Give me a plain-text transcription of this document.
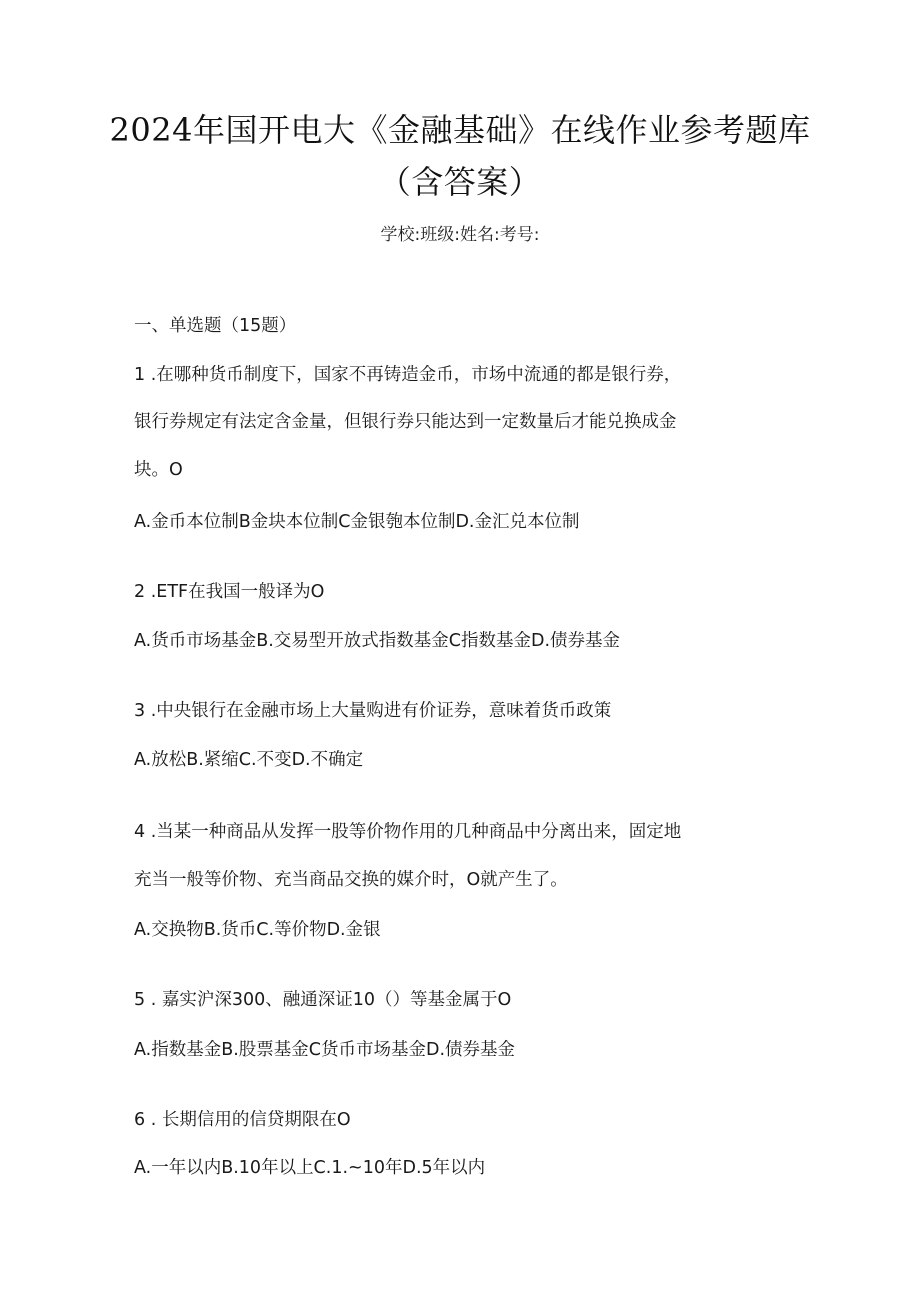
2024年国开电大《金融基础》在线作业参考题库（含答案）
学校:班级:姓名:考号:
一、单选题（15题）
1 .在哪种货币制度下，国家不再铸造金币，市场中流通的都是银行券，
银行券规定有法定含金量，但银行券只能达到一定数量后才能兑换成金
块。O
A.金币本位制B金块本位制C金银匏本位制D.金汇兑本位制
2 .ETF在我国一般译为O
A.货币市场基金B.交易型开放式指数基金C指数基金D.债券基金
3 .中央银行在金融市场上大量购进有价证券，意味着货币政策
A.放松B.紧缩C.不变D.不确定
4 .当某一种商品从发挥一股等价物作用的几种商品中分离出来，固定地
充当一般等价物、充当商品交换的媒介时，O就产生了。
A.交换物B.货币C.等价物D.金银
5 . 嘉实沪深300、融通深证10（）等基金属于O
A.指数基金B.股票基金C货币市场基金D.债券基金
6 . 长期信用的信贷期限在O
A.一年以内B.10年以上C.1.~10年D.5年以内
